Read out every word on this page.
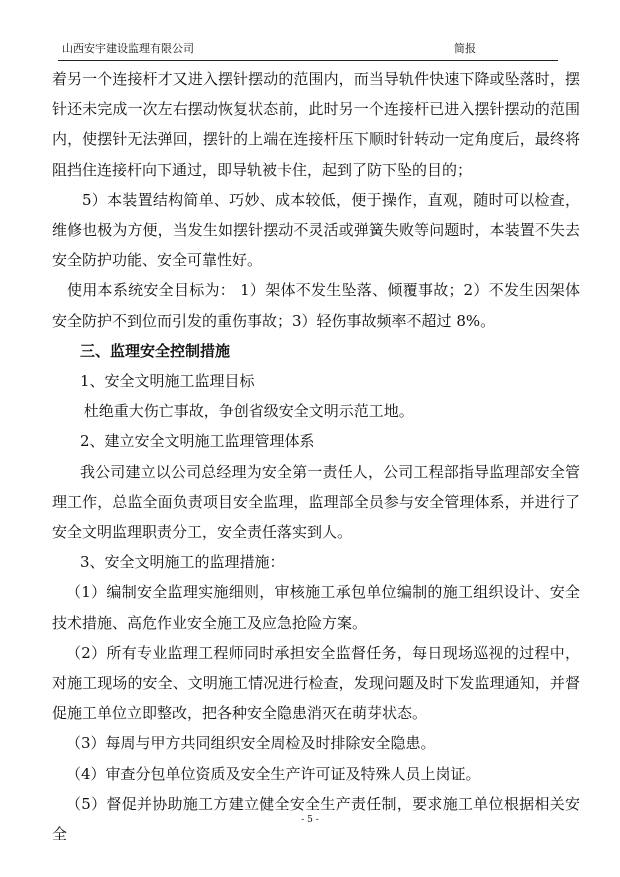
山西安宇建设监理有限公司	简报

着另一个连接杆才又进入摆针摆动的范围内，而当导轨件快速下降或坠落时，摆针还未完成一次左右摆动恢复状态前，此时另一个连接杆已进入摆针摆动的范围内，使摆针无法弹回，摆针的上端在连接杆压下顺时针转动一定角度后，最终将阻挡住连接杆向下通过，即导轨被卡住，起到了防下坠的目的；

5）本装置结构简单、巧妙、成本较低，便于操作，直观，随时可以检查，维修也极为方便，当发生如摆针摆动不灵活或弹簧失败等问题时，本装置不失去安全防护功能、安全可靠性好。

使用本系统安全目标为： 1）架体不发生坠落、倾覆事故；2）不发生因架体安全防护不到位而引发的重伤事故；3）轻伤事故频率不超过 8%。

三、监理安全控制措施

1、安全文明施工监理目标

杜绝重大伤亡事故，争创省级安全文明示范工地。

2、建立安全文明施工监理管理体系

我公司建立以公司总经理为安全第一责任人，公司工程部指导监理部安全管理工作，总监全面负责项目安全监理，监理部全员参与安全管理体系，并进行了安全文明监理职责分工，安全责任落实到人。

3、安全文明施工的监理措施：

（1）编制安全监理实施细则，审核施工承包单位编制的施工组织设计、安全技术措施、高危作业安全施工及应急抢险方案。

（2）所有专业监理工程师同时承担安全监督任务，每日现场巡视的过程中，对施工现场的安全、文明施工情况进行检查，发现问题及时下发监理通知，并督促施工单位立即整改，把各种安全隐患消灭在萌芽状态。

（3）每周与甲方共同组织安全周检及时排除安全隐患。

（4）审查分包单位资质及安全生产许可证及特殊人员上岗证。

（5）督促并协助施工方建立健全安全生产责任制，要求施工单位根据相关安全

- 5 -
